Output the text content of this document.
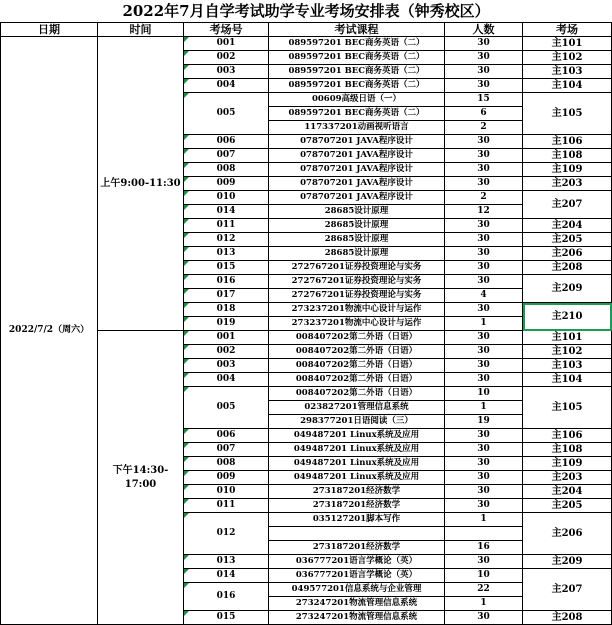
2022年7月自学考试助学专业考场安排表（钟秀校区）					
日期	时间	考场号	考试课程	人数	考场
2022/7/2（周六）	上午9:00-11:30	001	089597201 BEC商务英语（二）	30	主101

002	089597201 BEC商务英语（二）	30	主102

003	089597201 BEC商务英语（二）	30	主103

004	089597201 BEC商务英语（二）	30	主104

005	00609高级日语（一）	15	主105
			089597201 BEC商务英语（二）	6	
			117337201动画视听语言	2	

006	078707201 JAVA程序设计	30	主106

007	078707201 JAVA程序设计	30	主108

008	078707201 JAVA程序设计	30	主109

009	078707201 JAVA程序设计	30	主203

010	078707201 JAVA程序设计	2	主207

014	28685设计原理	12	

011	28685设计原理	30	主204

012	28685设计原理	30	主205

013	28685设计原理	30	主206

015	272767201证券投资理论与实务	30	主208

016	272767201证券投资理论与实务	30	主209

017	272767201证券投资理论与实务	4	

018	273237201物流中心设计与运作	30	主210

019	273237201物流中心设计与运作	1	
	下午14:30-17:00	001	008407202第二外语（日语）	30	主101

002	008407202第二外语（日语）	30	主102

003	008407202第二外语（日语）	30	主103

004	008407202第二外语（日语）	30	主104

005	008407202第二外语（日语）	10	主105
			023827201管理信息系统	1	
			298377201日语阅读（三）	19	

006	049487201 Linux系统及应用	30	主106

007	049487201 Linux系统及应用	30	主108

008	049487201 Linux系统及应用	30	主109

009	049487201 Linux系统及应用	30	主203

010	273187201经济数学	30	主204

011	273187201经济数学	30	主205

012	035127201脚本写作	1	主206

			273187201经济数学	16	

013	036777201语言学概论（英）	30	主209

014	036777201语言学概论（英）	10	主207

016	049577201信息系统与企业管理	22	
			273247201物流管理信息系统	1	

015	273247201物流管理信息系统	30	主208
